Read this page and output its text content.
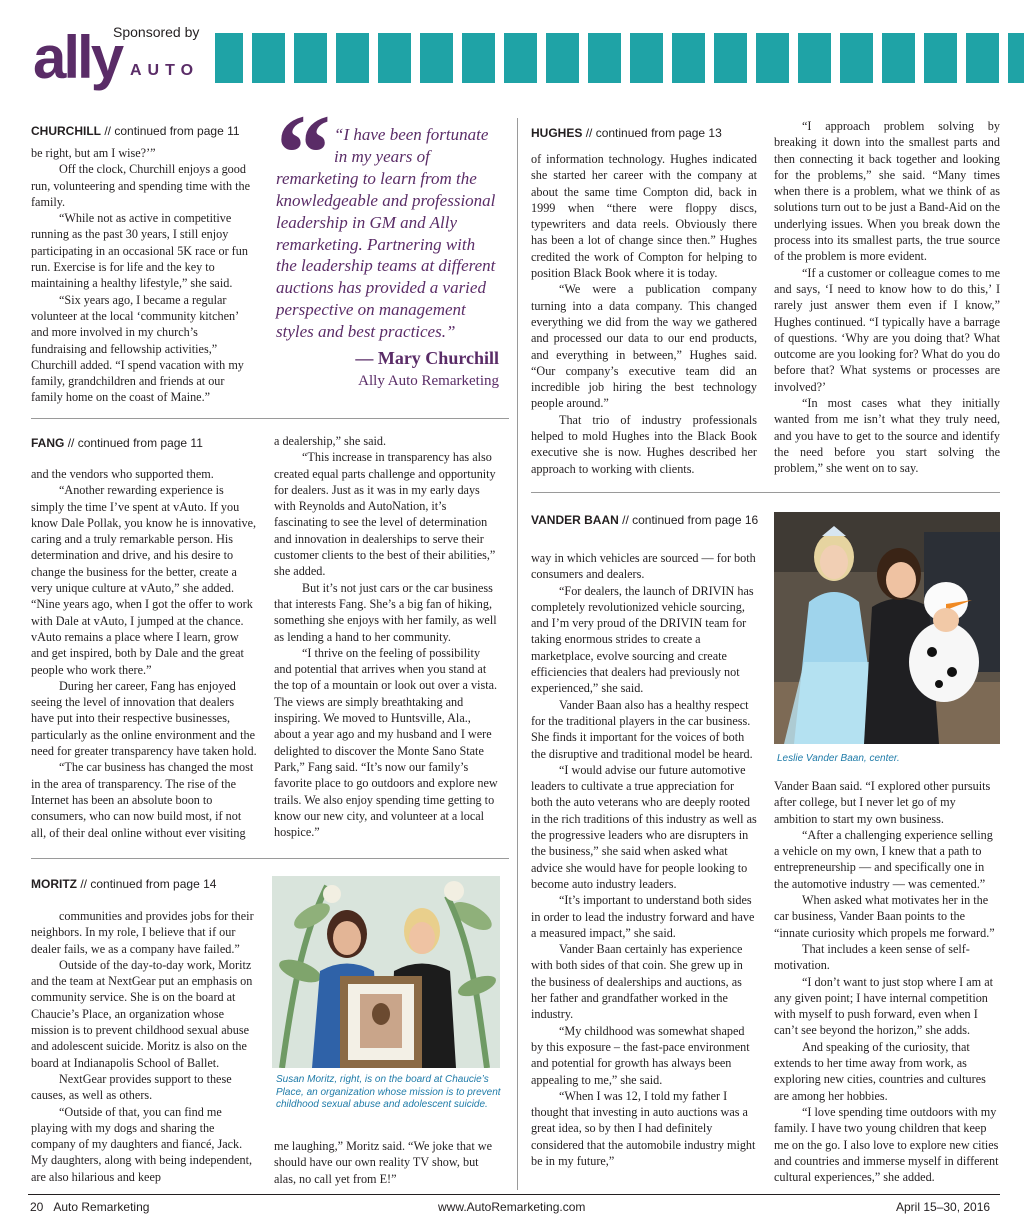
Sponsored by
ally AUTO
CHURCHILL // continued from page 11

be right, but am I wise?’”

Off the clock, Churchill enjoys a good run, volunteering and spending time with the family.

“While not as active in competitive running as the past 30 years, I still enjoy participating in an occasional 5K race or fun run. Exercise is for life and the key to maintaining a healthy lifestyle,” she said.

“Six years ago, I became a regular volunteer at the local ‘community kitchen’ and more involved in my church’s fundraising and fellowship activities,” Churchill added. “I spend vacation with my family, grandchildren and friends at our family home on the coast of Maine.”

“ “I have been fortunate in my years of remarketing to learn from the knowledgeable and professional leadership in GM and Ally remarketing. Partnering with the leadership teams at different auctions has provided a varied perspective on management styles and best practices.”
— Mary Churchill
Ally Auto Remarketing
FANG // continued from page 11

and the vendors who supported them.

“Another rewarding experience is simply the time I’ve spent at vAuto. If you know Dale Pollak, you know he is innovative, caring and a truly remarkable person. His determination and drive, and his desire to change the business for the better, create a very unique culture at vAuto,” she added. “Nine years ago, when I got the offer to work with Dale at vAuto, I jumped at the chance. vAuto remains a place where I learn, grow and get inspired, both by Dale and the great people who work there.”

During her career, Fang has enjoyed seeing the level of innovation that dealers have put into their respective businesses, particularly as the online environment and the need for greater transparency have taken hold.

“The car business has changed the most in the area of transparency. The rise of the Internet has been an absolute boon to consumers, who can now build most, if not all, of their deal online without ever visiting

a dealership,” she said.

“This increase in transparency has also created equal parts challenge and opportunity for dealers. Just as it was in my early days with Reynolds and AutoNation, it’s fascinating to see the level of determination and innovation in dealerships to serve their customer clients to the best of their abilities,” she added.

But it’s not just cars or the car business that interests Fang. She’s a big fan of hiking, something she enjoys with her family, as well as lending a hand to her community.

“I thrive on the feeling of possibility and potential that arrives when you stand at the top of a mountain or look out over a vista. The views are simply breathtaking and inspiring. We moved to Huntsville, Ala., about a year ago and my husband and I were delighted to discover the Monte Sano State Park,” Fang said. “It’s now our family’s favorite place to go outdoors and explore new trails. We also enjoy spending time getting to know our new city, and volunteer at a local hospice.”

MORITZ // continued from page 14

communities and provides jobs for their neighbors. In my role, I believe that if our dealer fails, we as a company have failed.”

Outside of the day-to-day work, Moritz and the team at NextGear put an emphasis on community service. She is on the board at Chaucie’s Place, an organization whose mission is to prevent childhood sexual abuse and adolescent suicide. Moritz is also on the board at Indianapolis School of Ballet.

NextGear provides support to these causes, as well as others.

“Outside of that, you can find me playing with my dogs and sharing the company of my daughters and fiancé, Jack. My daughters, along with being independent, are also hilarious and keep

Susan Moritz, right, is on the board at Chaucie’s Place, an organization whose mission is to prevent childhood sexual abuse and adolescent suicide.

me laughing,” Moritz said. “We joke that we should have our own reality TV show, but alas, no call yet from E!”

HUGHES // continued from page 13

of information technology. Hughes indicated she started her career with the company at about the same time Compton did, back in 1999 when “there were floppy discs, typewriters and data reels. Obviously there has been a lot of change since then.” Hughes credited the work of Compton for helping to position Black Book where it is today.

“We were a publication company turning into a data company. This changed everything we did from the way we gathered and processed our data to our end products, and everything in between,” Hughes said. “Our company’s executive team did an incredible job hiring the best technology people around.”

That trio of industry professionals helped to mold Hughes into the Black Book executive she is now. Hughes described her approach to working with clients.

“I approach problem solving by breaking it down into the smallest parts and then connecting it back together and looking for the problems,” she said. “Many times when there is a problem, what we think of as solutions turn out to be just a Band-Aid on the underlying issues. When you break down the process into its smallest parts, the true source of the problem is more evident.

“If a customer or colleague comes to me and says, ‘I need to know how to do this,’ I rarely just answer them even if I know,” Hughes continued. “I typically have a barrage of questions. ‘Why are you doing that? What outcome are you looking for? What do you do before that? What systems or processes are involved?’

“In most cases what they initially wanted from me isn’t what they truly need, and you have to get to the source and identify the need before you start solving the problem,” she went on to say.

VANDER BAAN // continued from page 16
Leslie Vander Baan, center.

way in which vehicles are sourced — for both consumers and dealers.

“For dealers, the launch of DRIVIN has completely revolutionized vehicle sourcing, and I’m very proud of the DRIVIN team for taking enormous strides to create a marketplace, evolve sourcing and create efficiencies that dealers had previously not experienced,” she said.

Vander Baan also has a healthy respect for the traditional players in the car business. She finds it important for the voices of both the disruptive and traditional model be heard.

“I would advise our future automotive leaders to cultivate a true appreciation for both the auto veterans who are deeply rooted in the rich traditions of this industry as well as the progressive leaders who are disrupters in the business,” she said when asked what advice she would have for people looking to become auto industry leaders.

“It’s important to understand both sides in order to lead the industry forward and have a measured impact,” she said.

Vander Baan certainly has experience with both sides of that coin. She grew up in the business of dealerships and auctions, as her father and grandfather worked in the industry.

“My childhood was somewhat shaped by this exposure – the fast-pace environment and potential for growth has always been appealing to me,” she said.

“When I was 12, I told my father I thought that investing in auto auctions was a great idea, so by then I had definitely considered that the automobile industry might be in my future,”

Vander Baan said. “I explored other pursuits after college, but I never let go of my ambition to start my own business.

“After a challenging experience selling a vehicle on my own, I knew that a path to entrepreneurship — and specifically one in the automotive industry — was cemented.”

When asked what motivates her in the car business, Vander Baan points to the “innate curiosity which propels me forward.”

That includes a keen sense of self-motivation.

“I don’t want to just stop where I am at any given point; I have internal competition with myself to push forward, even when I can’t see beyond the horizon,” she adds.

And speaking of the curiosity, that extends to her time away from work, as exploring new cities, countries and cultures are among her hobbies.

“I love spending time outdoors with my family. I have two young children that keep me on the go. I also love to explore new cities and countries and immerse myself in different cultural experiences,” she added.

20 Auto Remarketing	www.AutoRemarketing.com	April 15–30, 2016
